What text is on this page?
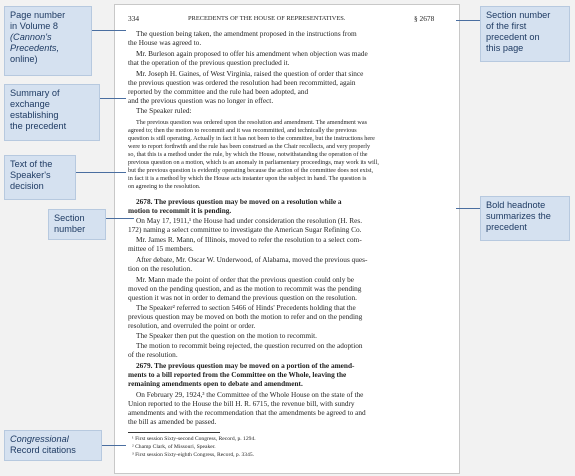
334	PRECEDENTS OF THE HOUSE OF REPRESENTATIVES.	§ 2678
The question being taken, the amendment proposed in the instructions from
the House was agreed to.
Mr. Burleson again proposed to offer his amendment when objection was made
that the operation of the previous question precluded it.
Mr. Joseph H. Gaines, of West Virginia, raised the question of order that since
the previous question was ordered the resolution had been recommitted, again
reported by the committee and the rule had been adopted, and
and the previous question was no longer in effect.
The Speaker ruled:
The previous question was ordered upon the resolution and amendment. The amendment was
agreed to; then the motion to recommit and it was recommitted, and technically the previous
question is still operating. Actually in fact it has not been to the committee, but the instructions here
were to report forthwith and the rule has been construed as the Chair recollects, and very properly
so, that this is a method under the rule, by which the House, notwithstanding the operation of the
previous question on a motion, which is an anomaly in parliamentary proceedings, may work its will,
but the previous question is evidently operating because the action of the committee does not exist,
in fact it is a method by which the House acts instanter upon the subject in hand. The question is
on agreeing to the resolution.
2678. The previous question may be moved on a resolution while a
motion to recommit it is pending.
On May 17, 1911,¹ the House had under consideration the resolution (H. Res.
172) naming a select committee to investigate the American Sugar Refining Co.
Mr. James R. Mann, of Illinois, moved to refer the resolution to a select com-
mittee of 15 members.
After debate, Mr. Oscar W. Underwood, of Alabama, moved the previous ques-
tion on the resolution.
Mr. Mann made the point of order that the previous question could only be
moved on the pending question, and as the motion to recommit was the pending
question it was not in order to demand the previous question on the resolution.
The Speaker² referred to section 5466 of Hinds' Precedents holding that the
previous question may be moved on both the motion to refer and on the pending
resolution, and overruled the point or order.
The Speaker then put the question on the motion to recommit.
The motion to recommit being rejected, the question recurred on the adoption
of the resolution.
2679. The previous question may be moved on a portion of the amend-
ments to a bill reported from the Committee on the Whole, leaving the
remaining amendments open to debate and amendment.
On February 29, 1924,³ the Committee of the Whole House on the state of the
Union reported to the House the bill H. R. 6715, the revenue bill, with sundry
amendments and with the recommendation that the amendments be agreed to and
the bill as amended be passed.
¹ First session Sixty-second Congress, Record, p. 1294.
² Champ Clark, of Missouri, Speaker.
³ First session Sixty-eighth Congress, Record, p. 3345.
Page number
in Volume 8
(Cannon's
Precedents,
online)
Summary of
exchange
establishing
the precedent
Text of the
Speaker's
decision
Section
number
Congressional
Record citations
Section number
of the first
precedent on
this page
Bold headnote
summarizes the
precedent
